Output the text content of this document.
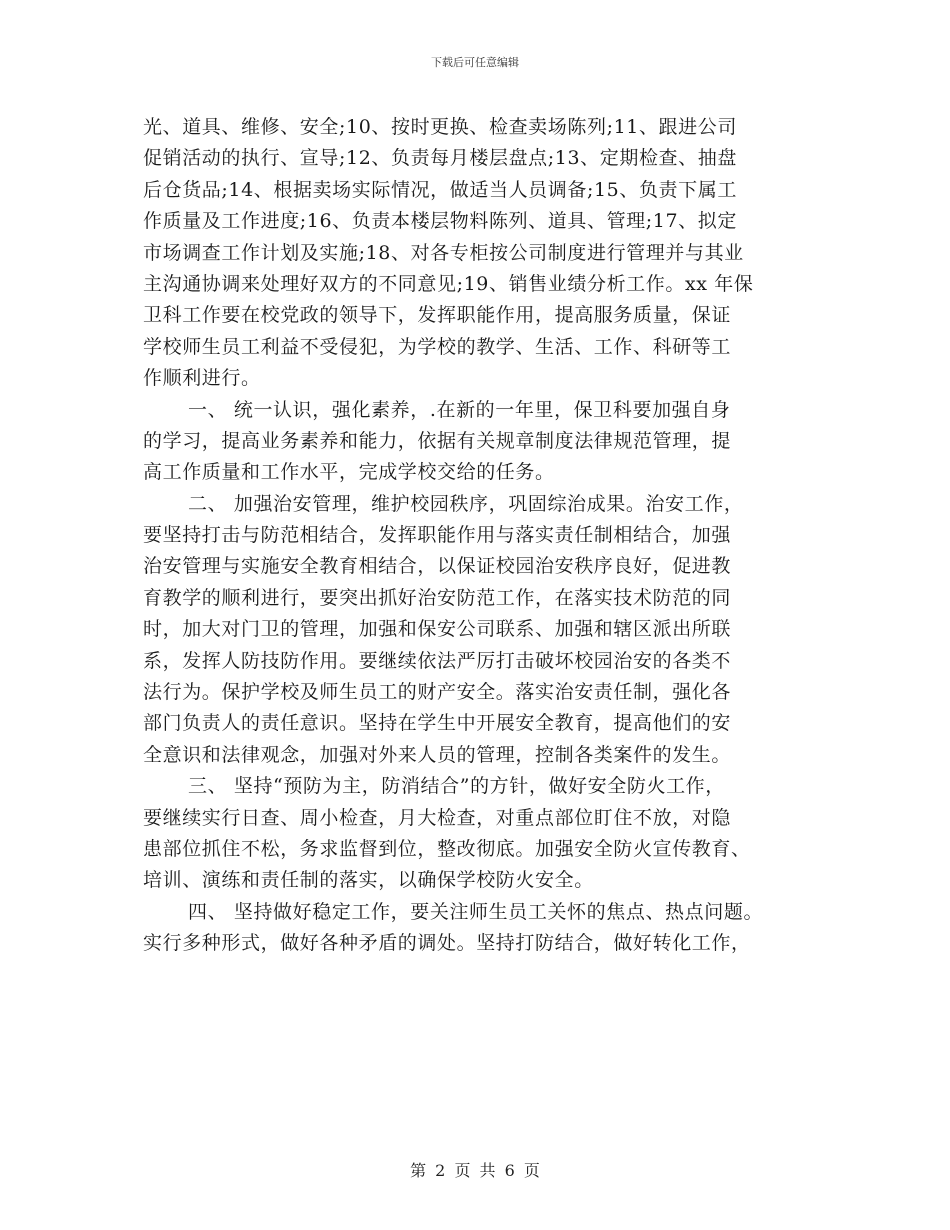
下载后可任意编辑
光、道具、维修、安全;10、按时更换、检查卖场陈列;11、跟进公司
促销活动的执行、宣导;12、负责每月楼层盘点;13、定期检查、抽盘
后仓货品;14、根据卖场实际情况，做适当人员调备;15、负责下属工
作质量及工作进度;16、负责本楼层物料陈列、道具、管理;17、拟定
市场调查工作计划及实施;18、对各专柜按公司制度进行管理并与其业
主沟通协调来处理好双方的不同意见;19、销售业绩分析工作。xx 年保
卫科工作要在校党政的领导下，发挥职能作用，提高服务质量，保证
学校师生员工利益不受侵犯，为学校的教学、生活、工作、科研等工
作顺利进行。
一、 统一认识，强化素养，.在新的一年里，保卫科要加强自身
的学习，提高业务素养和能力，依据有关规章制度法律规范管理，提
高工作质量和工作水平，完成学校交给的任务。
二、 加强治安管理，维护校园秩序，巩固综治成果。治安工作，
要坚持打击与防范相结合，发挥职能作用与落实责任制相结合，加强
治安管理与实施安全教育相结合，以保证校园治安秩序良好，促进教
育教学的顺利进行，要突出抓好治安防范工作，在落实技术防范的同
时，加大对门卫的管理，加强和保安公司联系、加强和辖区派出所联
系，发挥人防技防作用。要继续依法严厉打击破坏校园治安的各类不
法行为。保护学校及师生员工的财产安全。落实治安责任制，强化各
部门负责人的责任意识。坚持在学生中开展安全教育，提高他们的安
全意识和法律观念，加强对外来人员的管理，控制各类案件的发生。
三、 坚持“预防为主，防消结合”的方针，做好安全防火工作，
要继续实行日查、周小检查，月大检查，对重点部位盯住不放，对隐
患部位抓住不松，务求监督到位，整改彻底。加强安全防火宣传教育、
培训、演练和责任制的落实，以确保学校防火安全。
四、 坚持做好稳定工作，要关注师生员工关怀的焦点、热点问题。
实行多种形式，做好各种矛盾的调处。坚持打防结合，做好转化工作，
第 2 页 共 6 页
